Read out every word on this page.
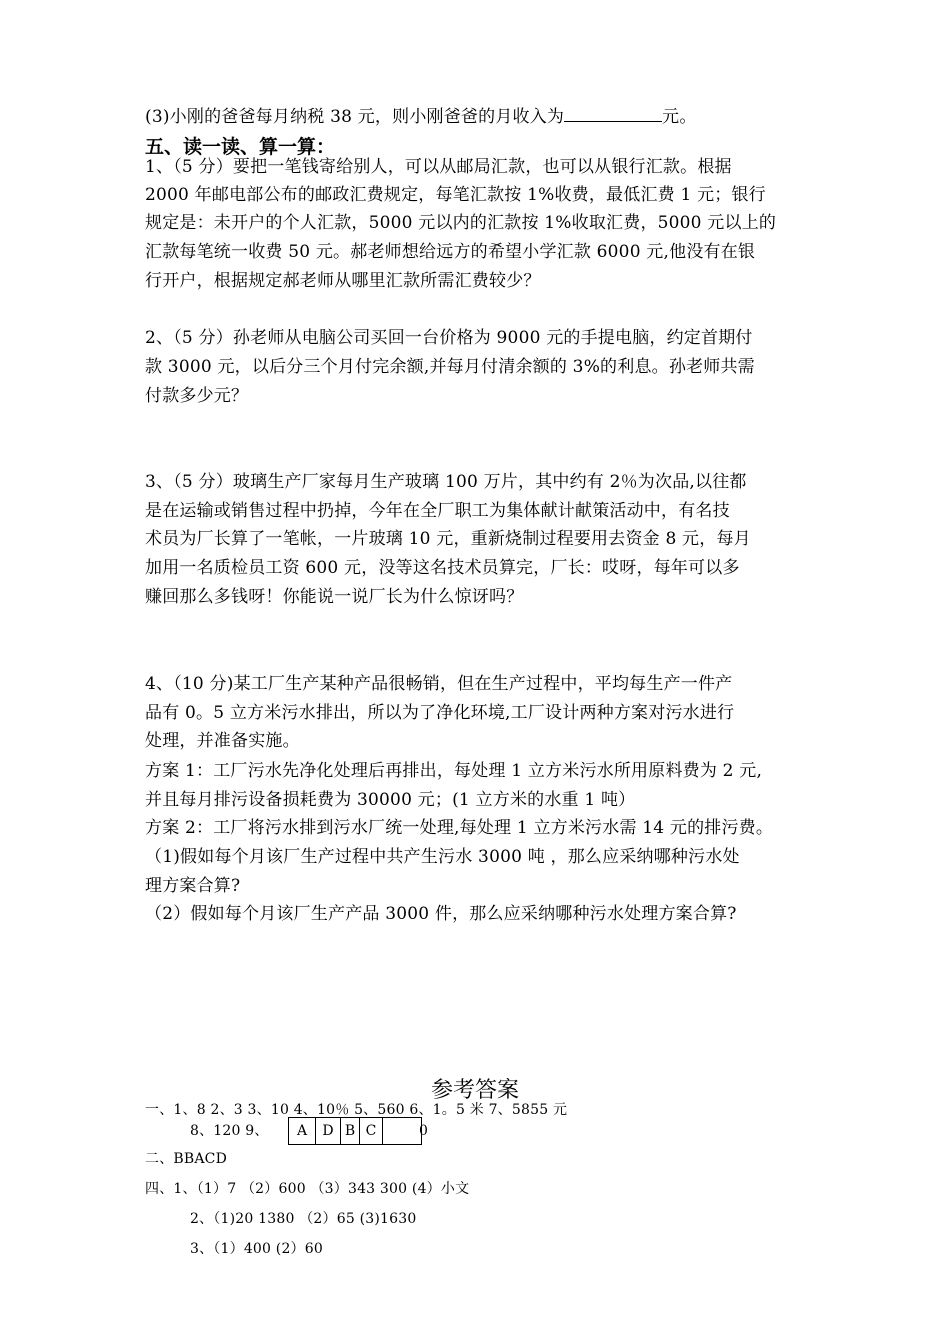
(3)小刚的爸爸每月纳税 38 元，则小刚爸爸的月收入为	元。
五、读一读、算一算：
1、（5 分）要把一笔钱寄给别人，可以从邮局汇款，也可以从银行汇款。根据
2000 年邮电部公布的邮政汇费规定，每笔汇款按 1%收费，最低汇费 1 元；银行
规定是：未开户的个人汇款，5000 元以内的汇款按 1%收取汇费，5000 元以上的
汇款每笔统一收费 50 元。郝老师想给远方的希望小学汇款 6000 元,他没有在银
行开户，根据规定郝老师从哪里汇款所需汇费较少？
2、（5 分）孙老师从电脑公司买回一台价格为 9000 元的手提电脑，约定首期付
款 3000 元，以后分三个月付完余额,并每月付清余额的 3%的利息。孙老师共需
付款多少元？
3、（5 分）玻璃生产厂家每月生产玻璃 100 万片，其中约有 2％为次品,以往都
是在运输或销售过程中扔掉，今年在全厂职工为集体献计献策活动中，有名技
术员为厂长算了一笔帐，一片玻璃 10 元，重新烧制过程要用去资金 8 元，每月
加用一名质检员工资 600 元，没等这名技术员算完，厂长：哎呀，每年可以多
赚回那么多钱呀！你能说一说厂长为什么惊讶吗？
4、（10 分)某工厂生产某种产品很畅销，但在生产过程中，平均每生产一件产
品有 0。5 立方米污水排出，所以为了净化环境,工厂设计两种方案对污水进行
处理，并准备实施。
方案 1：工厂污水先净化处理后再排出，每处理 1 立方米污水所用原料费为 2 元,
并且每月排污设备损耗费为 30000 元；(1 立方米的水重 1 吨）
方案 2：工厂将污水排到污水厂统一处理,每处理 1 立方米污水需 14 元的排污费。
（1)假如每个月该厂生产过程中共产生污水 3000 吨 ，那么应采纳哪种污水处
理方案合算?
（2）假如每个月该厂生产产品 3000 件，那么应采纳哪种污水处理方案合算?
参考答案
一、1、8 2、3 3、10 4、10％ 5、560 6、1。5 米 7、5855 元
8、120 9、	0
A	D B C
二、BBACD
四、1、（1）7 （2）600 （3）343 300 (4）小文
2、（1)20 1380 （2）65 (3)1630
3、（1）400 (2）60
